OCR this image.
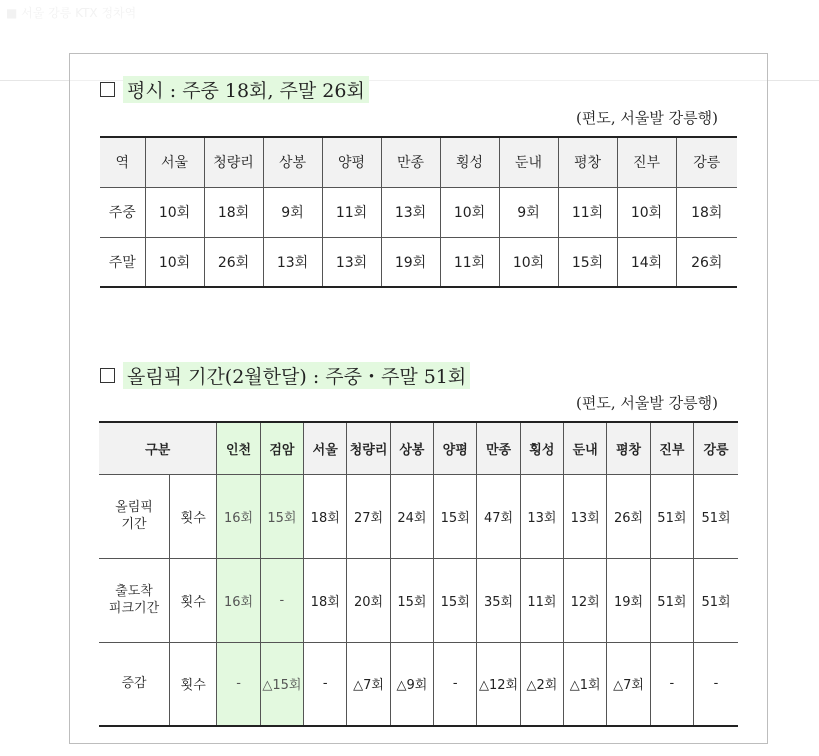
■ 서울 강릉 KTX 정차역
평시 : 주중 18회, 주말 26회
(편도, 서울발 강릉행)
역	서울	청량리	상봉	양평	만종	횡성	둔내	평창	진부	강릉
주중	10회	18회	9회	11회	13회	10회	9회	11회	10회	18회
주말	10회	26회	13회	13회	19회	11회	10회	15회	14회	26회
올림픽 기간(2월한달) : 주중・주말 51회
(편도, 서울발 강릉행)
구분		인천	검암	서울	청량리	상봉	양평	만종	횡성	둔내	평창	진부	강릉
올림픽
기간	횟수	16회	15회	18회	27회	24회	15회	47회	13회	13회	26회	51회	51회
출도착
피크기간	횟수	16회	-	18회	20회	15회	15회	35회	11회	12회	19회	51회	51회
증감	횟수	-	△15회	-	△7회	△9회	-	△12회	△2회	△1회	△7회	-	-
